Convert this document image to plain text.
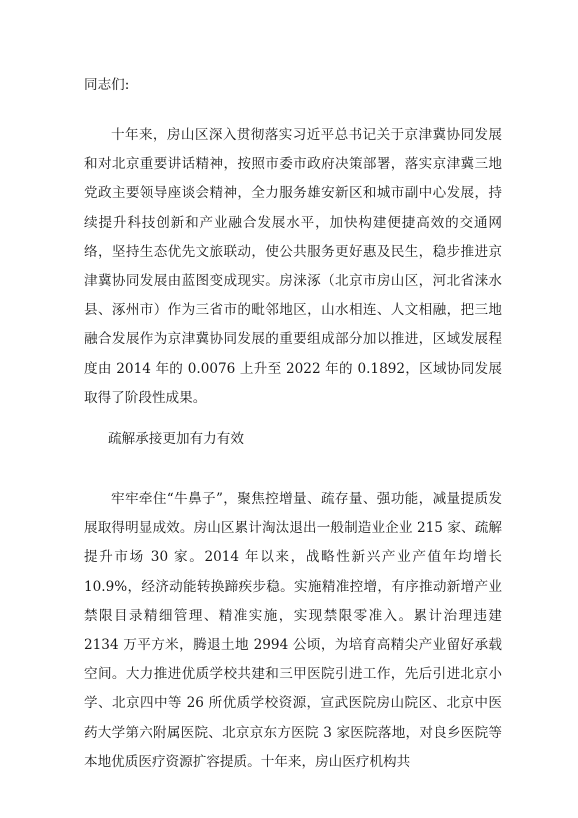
同志们:

十年来，房山区深入贯彻落实习近平总书记关于京津冀协同发展和对北京重要讲话精神，按照市委市政府决策部署，落实京津冀三地党政主要领导座谈会精神，全力服务雄安新区和城市副中心发展，持续提升科技创新和产业融合发展水平，加快构建便捷高效的交通网络，坚持生态优先文旅联动，使公共服务更好惠及民生，稳步推进京津冀协同发展由蓝图变成现实。房涞涿（北京市房山区，河北省涞水县、涿州市）作为三省市的毗邻地区，山水相连、人文相融，把三地融合发展作为京津冀协同发展的重要组成部分加以推进，区域发展程度由 2014 年的 0.0076 上升至 2022 年的 0.1892，区域协同发展取得了阶段性成果。

疏解承接更加有力有效

牢牢牵住“牛鼻子”，聚焦控增量、疏存量、强功能，减量提质发展取得明显成效。房山区累计淘汰退出一般制造业企业 215 家、疏解提升市场 30 家。2014 年以来，战略性新兴产业产值年均增长 10.9%，经济动能转换蹄疾步稳。实施精准控增，有序推动新增产业禁限目录精细管理、精准实施，实现禁限零准入。累计治理违建 2134 万平方米，腾退土地 2994 公顷，为培育高精尖产业留好承载空间。大力推进优质学校共建和三甲医院引进工作，先后引进北京小学、北京四中等 26 所优质学校资源，宣武医院房山院区、北京中医药大学第六附属医院、北京京东方医院 3 家医院落地，对良乡医院等本地优质医疗资源扩容提质。十年来，房山医疗机构共
